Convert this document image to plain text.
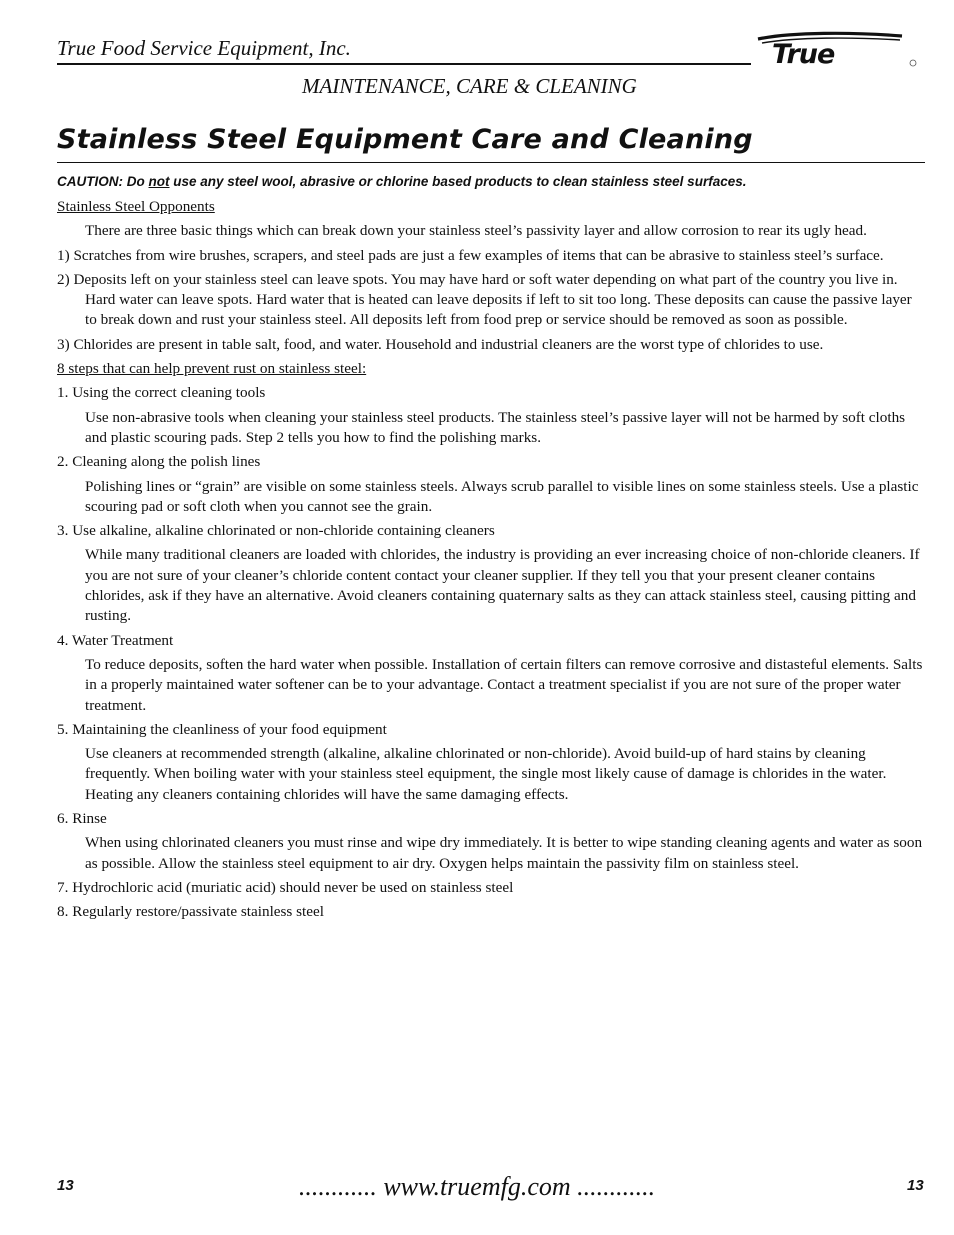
True Food Service Equipment, Inc.	True
MAINTENANCE, CARE & CLEANING
Stainless Steel Equipment Care and Cleaning
CAUTION: Do not use any steel wool, abrasive or chlorine based products to clean stainless steel surfaces.

Stainless Steel Opponents

There are three basic things which can break down your stainless steel’s passivity layer and allow corrosion to rear its ugly head.

1) Scratches from wire brushes, scrapers, and steel pads are just a few examples of items that can be abrasive to stainless steel’s surface.

2) Deposits left on your stainless steel can leave spots. You may have hard or soft water depending on what part of the country you live in. Hard water can leave spots. Hard water that is heated can leave deposits if left to sit too long. These deposits can cause the passive layer to break down and rust your stainless steel. All deposits left from food prep or service should be removed as soon as possible.

3) Chlorides are present in table salt, food, and water. Household and industrial cleaners are the worst type of chlorides to use.

8 steps that can help prevent rust on stainless steel:

1. Using the correct cleaning tools

Use non-abrasive tools when cleaning your stainless steel products. The stainless steel’s passive layer will not be harmed by soft cloths and plastic scouring pads. Step 2 tells you how to find the polishing marks.

2. Cleaning along the polish lines

Polishing lines or “grain” are visible on some stainless steels. Always scrub parallel to visible lines on some stainless steels. Use a plastic scouring pad or soft cloth when you cannot see the grain.

3. Use alkaline, alkaline chlorinated or non-chloride containing cleaners

While many traditional cleaners are loaded with chlorides, the industry is providing an ever increasing choice of non-chloride cleaners. If you are not sure of your cleaner’s chloride content contact your cleaner supplier. If they tell you that your present cleaner contains chlorides, ask if they have an alternative. Avoid cleaners containing quaternary salts as they can attack stainless steel, causing pitting and rusting.

4. Water Treatment

To reduce deposits, soften the hard water when possible. Installation of certain filters can remove corrosive and distasteful elements. Salts in a properly maintained water softener can be to your advantage. Contact a treatment specialist if you are not sure of the proper water treatment.

5. Maintaining the cleanliness of your food equipment

Use cleaners at recommended strength (alkaline, alkaline chlorinated or non-chloride). Avoid build-up of hard stains by cleaning frequently. When boiling water with your stainless steel equipment, the single most likely cause of damage is chlorides in the water. Heating any cleaners containing chlorides will have the same damaging effects.

6. Rinse

When using chlorinated cleaners you must rinse and wipe dry immediately. It is better to wipe standing cleaning agents and water as soon as possible. Allow the stainless steel equipment to air dry. Oxygen helps maintain the passivity film on stainless steel.

7. Hydrochloric acid (muriatic acid) should never be used on stainless steel

8. Regularly restore/passivate stainless steel

13	............ www.truemfg.com ............	13
